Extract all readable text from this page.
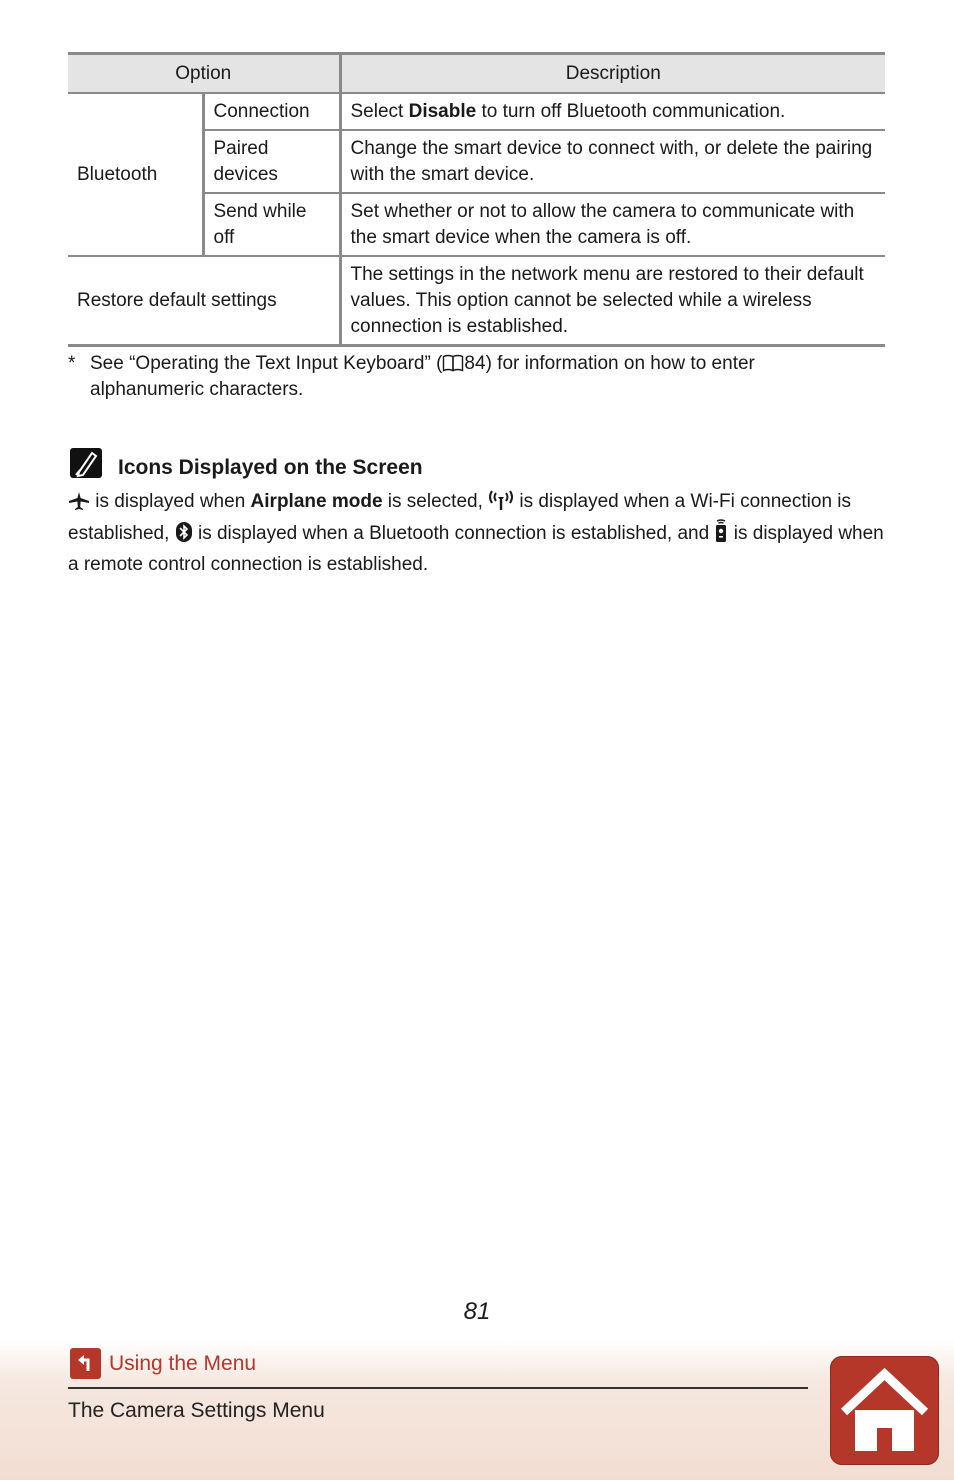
Option		Description
Bluetooth	Connection	Select Disable to turn off Bluetooth communication.
	Paired devices	Change the smart device to connect with, or delete the pairing with the smart device.
	Send while off	Set whether or not to allow the camera to communicate with the smart device when the camera is off.
Restore default settings		The settings in the network menu are restored to their default values. This option cannot be selected while a wireless connection is established.
* See “Operating the Text Input Keyboard” ( 84) for information on how to enter alphanumeric characters.
Icons Displayed on the Screen
is displayed when Airplane mode is selected,  is displayed when a Wi-Fi connection is established,  is displayed when a Bluetooth connection is established, and  is displayed when a remote control connection is established.
81
Using the Menu
The Camera Settings Menu
